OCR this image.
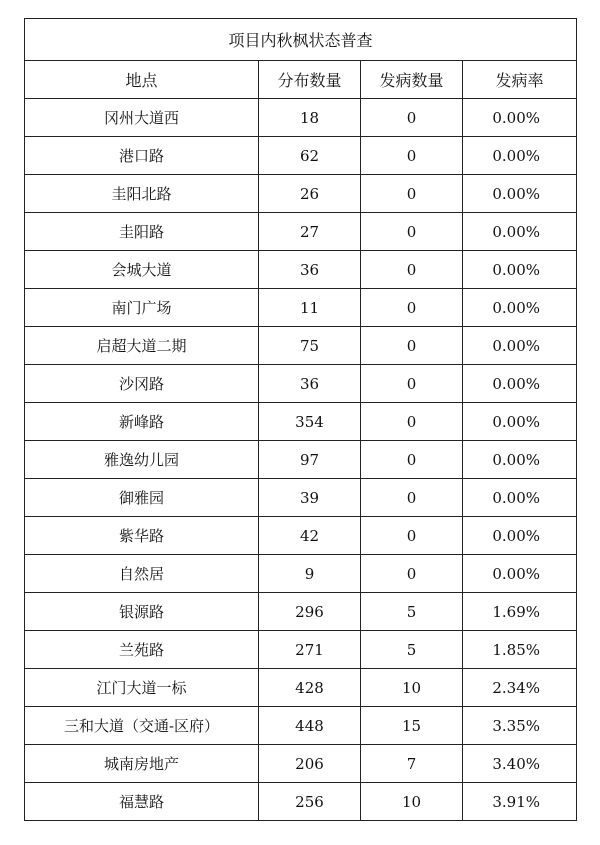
项目内秋枫状态普查			
地点	分布数量	发病数量	发病率
冈州大道西	18	0	0.00%
港口路	62	0	0.00%
圭阳北路	26	0	0.00%
圭阳路	27	0	0.00%
会城大道	36	0	0.00%
南门广场	11	0	0.00%
启超大道二期	75	0	0.00%
沙冈路	36	0	0.00%
新峰路	354	0	0.00%
雅逸幼儿园	97	0	0.00%
御雅园	39	0	0.00%
紫华路	42	0	0.00%
自然居	9	0	0.00%
银源路	296	5	1.69%
兰苑路	271	5	1.85%
江门大道一标	428	10	2.34%
三和大道（交通-区府）	448	15	3.35%
城南房地产	206	7	3.40%
福慧路	256	10	3.91%
